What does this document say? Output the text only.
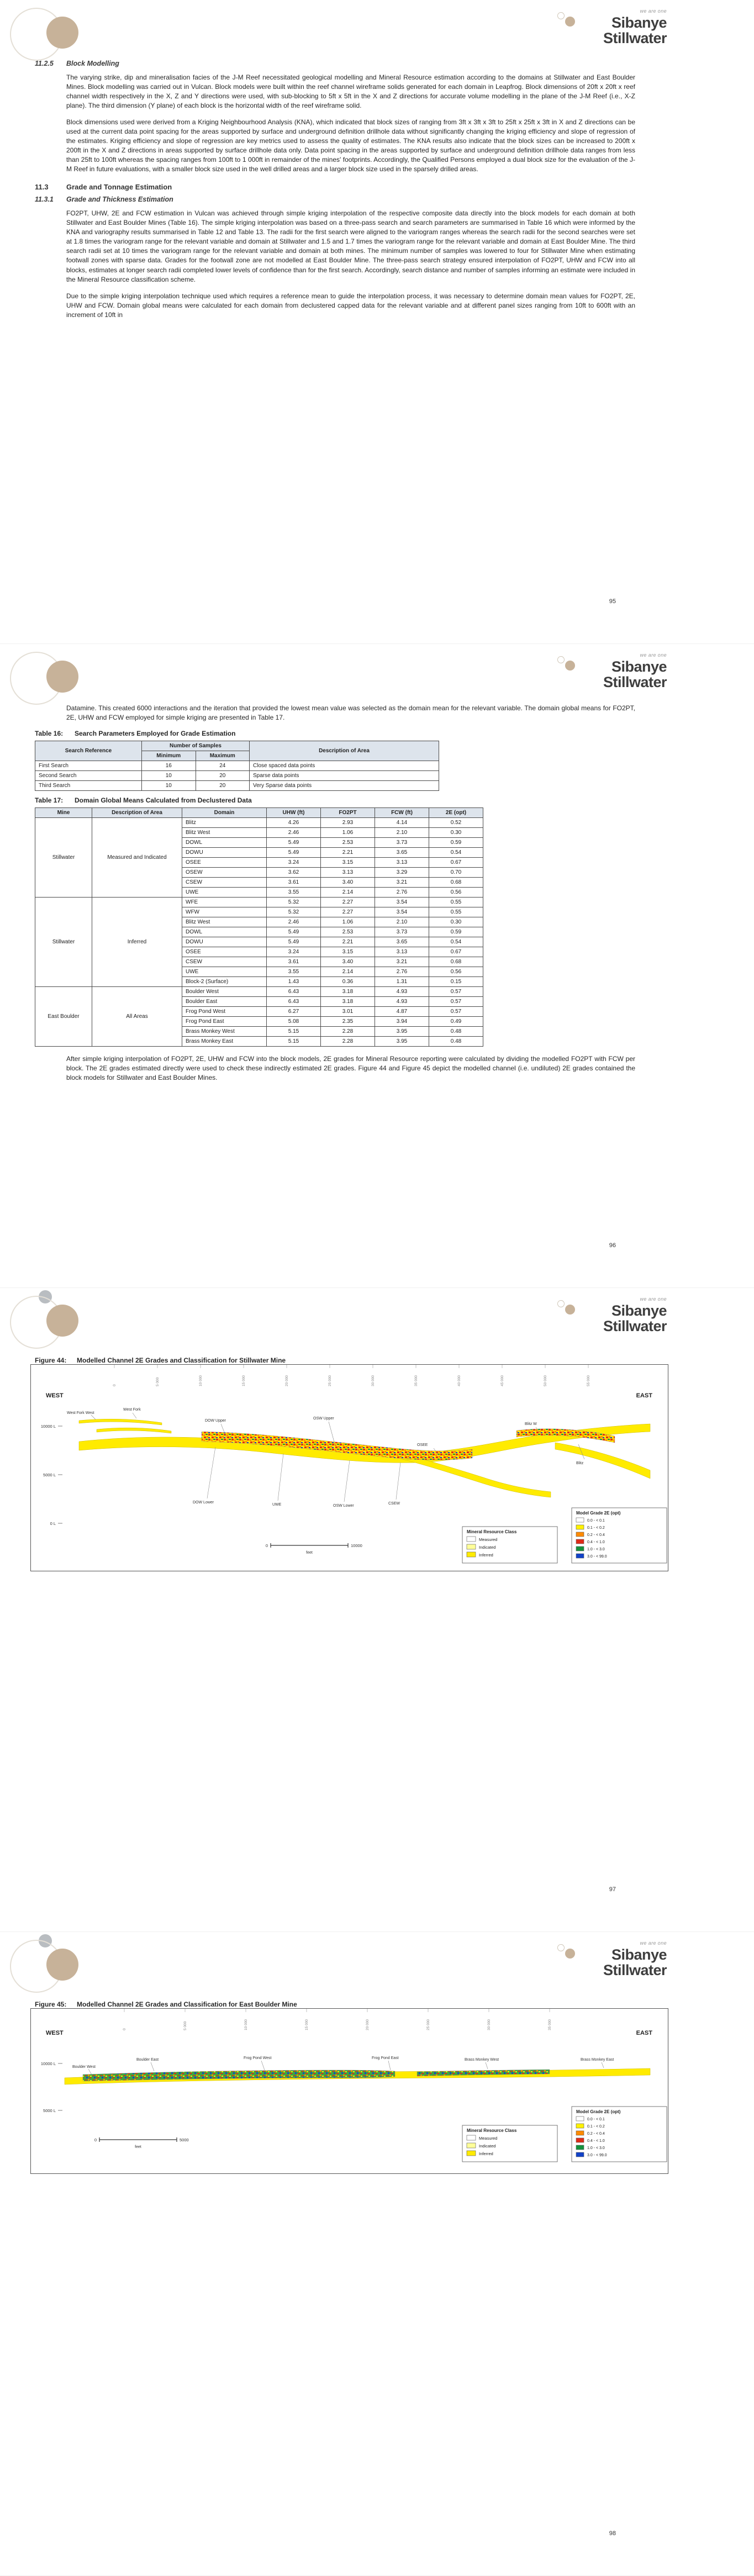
we are one
Sibanye
Stillwater

11.2.5 Block Modelling

The varying strike, dip and mineralisation facies of the J-M Reef necessitated geological modelling and Mineral Resource estimation according to the domains at Stillwater and East Boulder Mines. Block modelling was carried out in Vulcan. Block models were built within the reef channel wireframe solids generated for each domain in Leapfrog. Block dimensions of 20ft x 20ft x reef channel width respectively in the X, Z and Y directions were used, with sub-blocking to 5ft x 5ft in the X and Z directions for accurate volume modelling in the plane of the J-M Reef (i.e., X-Z plane). The third dimension (Y plane) of each block is the horizontal width of the reef wireframe solid.

Block dimensions used were derived from a Kriging Neighbourhood Analysis (KNA), which indicated that block sizes of ranging from 3ft x 3ft x 3ft to 25ft x 25ft x 3ft in X and Z directions can be used at the current data point spacing for the areas supported by surface and underground definition drillhole data without significantly changing the kriging efficiency and slope of regression of the estimates. Kriging efficiency and slope of regression are key metrics used to assess the quality of estimates. The KNA results also indicate that the block sizes can be increased to 200ft x 200ft in the X and Z directions in areas supported by surface drillhole data only. Data point spacing in the areas supported by surface and underground definition drillhole data ranges from less than 25ft to 100ft whereas the spacing ranges from 100ft to 1 000ft in remainder of the mines' footprints. Accordingly, the Qualified Persons employed a dual block size for the evaluation of the J-M Reef in future evaluations, with a smaller block size used in the well drilled areas and a larger block size used in the sparsely drilled areas.

11.3 Grade and Tonnage Estimation

11.3.1 Grade and Thickness Estimation

FO2PT, UHW, 2E and FCW estimation in Vulcan was achieved through simple kriging interpolation of the respective composite data directly into the block models for each domain at both Stillwater and East Boulder Mines (Table 16). The simple kriging interpolation was based on a three-pass search and search parameters are summarised in Table 16 which were informed by the KNA and variography results summarised in Table 12 and Table 13. The radii for the first search were aligned to the variogram ranges whereas the search radii for the second searches were set at 1.8 times the variogram range for the relevant variable and domain at Stillwater and 1.5 and 1.7 times the variogram range for the relevant variable and domain at East Boulder Mine. The third search radii set at 10 times the variogram range for the relevant variable and domain at both mines. The minimum number of samples was lowered to four for Stillwater Mine when estimating footwall zones with sparse data. Grades for the footwall zone are not modelled at East Boulder Mine. The three-pass search strategy ensured interpolation of FO2PT, UHW and FCW into all blocks, estimates at longer search radii completed lower levels of confidence than for the first search. Accordingly, search distance and number of samples informing an estimate were included in the Mineral Resource classification scheme.

Due to the simple kriging interpolation technique used which requires a reference mean to guide the interpolation process, it was necessary to determine domain mean values for FO2PT, 2E, UHW and FCW. Domain global means were calculated for each domain from declustered capped data for the relevant variable and at different panel sizes ranging from 10ft to 600ft with an increment of 10ft in

95
we are one
Sibanye
Stillwater

Datamine. This created 6000 interactions and the iteration that provided the lowest mean value was selected as the domain mean for the relevant variable. The domain global means for FO2PT, 2E, UHW and FCW employed for simple kriging are presented in Table 17.

Table 16: Search Parameters Employed for Grade Estimation

Search Reference	Number of Samples		Description of Area
	Minimum	Maximum	
First Search	16	24	Close spaced data points
Second Search	10	20	Sparse data points
Third Search	10	20	Very Sparse data points

Table 17: Domain Global Means Calculated from Declustered Data

Mine	Description of Area	Domain	UHW (ft)	FO2PT	FCW (ft)	2E (opt)
Stillwater	Measured and Indicated	Blitz	4.26	2.93	4.14	0.52
		Blitz West	2.46	1.06	2.10	0.30
		DOWL	5.49	2.53	3.73	0.59
		DOWU	5.49	2.21	3.65	0.54
		OSEE	3.24	3.15	3.13	0.67
		OSEW	3.62	3.13	3.29	0.70
		CSEW	3.61	3.40	3.21	0.68
		UWE	3.55	2.14	2.76	0.56
Stillwater	Inferred	WFE	5.32	2.27	3.54	0.55
		WFW	5.32	2.27	3.54	0.55
		Blitz West	2.46	1.06	2.10	0.30
		DOWL	5.49	2.53	3.73	0.59
		DOWU	5.49	2.21	3.65	0.54
		OSEE	3.24	3.15	3.13	0.67
		CSEW	3.61	3.40	3.21	0.68
		UWE	3.55	2.14	2.76	0.56
		Block-2 (Surface)	1.43	0.36	1.31	0.15
East Boulder	All Areas	Boulder West	6.43	3.18	4.93	0.57
		Boulder East	6.43	3.18	4.93	0.57
		Frog Pond West	6.27	3.01	4.87	0.57
		Frog Pond East	5.08	2.35	3.94	0.49
		Brass Monkey West	5.15	2.28	3.95	0.48
		Brass Monkey East	5.15	2.28	3.95	0.48

After simple kriging interpolation of FO2PT, 2E, UHW and FCW into the block models, 2E grades for Mineral Resource reporting were calculated by dividing the modelled FO2PT with FCW per block. The 2E grades estimated directly were used to check these indirectly estimated 2E grades. Figure 44 and Figure 45 depict the modelled channel (i.e. undiluted) 2E grades contained the block models for Stillwater and East Boulder Mines.

96
we are one
Sibanye
Stillwater

Figure 44: Modelled Channel 2E Grades and Classification for Stillwater Mine

0	5 000	10 000	15 000	20 000	25 000	30 000	35 000	40 000	45 000	50 000	55 000
WEST	EAST
10000 L
5000 L
0 L
West Fork West
West Fork
DOW Upper
OSW Upper
Blitz W
OSEE
Blitz
DOW Lower
UWE	OSW Lower
CSEW
0	10000
feet
Mineral Resource Class
Measured
Indicated
Inferred
Model Grade 2E (opt)
0.0 - < 0.1
0.1 - < 0.2
0.2 - < 0.4
0.4 - < 1.0
1.0 - < 3.0
3.0 - < 99.0
97
we are one
Sibanye
Stillwater

Figure 45: Modelled Channel 2E Grades and Classification for East Boulder Mine

0	5 000	10 000	15 000	20 000	25 000	30 000	35 000
WEST	EAST
10000 L
5000 L
Boulder West
Boulder East	Frog Pond West	Frog Pond East	Brass Monkey West	Brass Monkey East
0	5000
feet
Mineral Resource Class
Measured
Indicated
Inferred
Model Grade 2E (opt)
0.0 - < 0.1
0.1 - < 0.2
0.2 - < 0.4
0.4 - < 1.0
1.0 - < 3.0
3.0 - < 99.0
98
